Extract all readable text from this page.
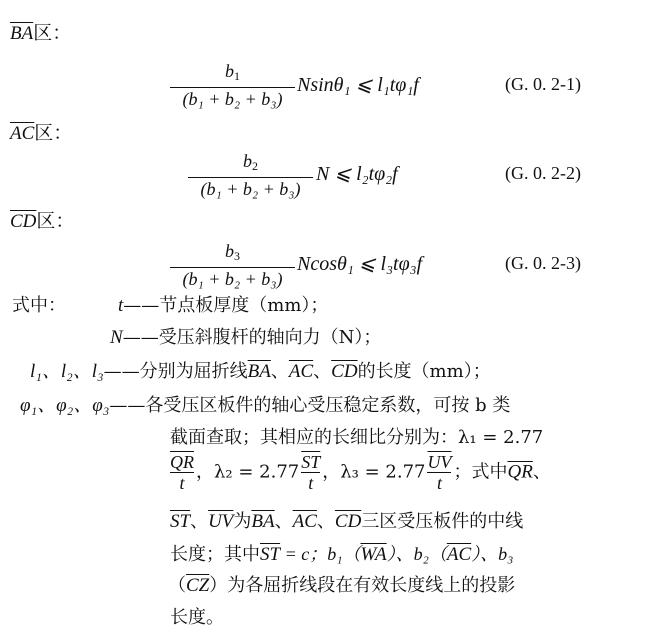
$\overline{BA}$区：
$b_1$
(b₁ + b₂ + b₃)
Nsinθ₁ ⩽ l₁tφ₁f	(G. 0. 2-1)
$\overline{AC}$区：
$b_2$
(b₁ + b₂ + b₃)
N ⩽ l₂tφ₂f	(G. 0. 2-2)
$\overline{CD}$区：
$b_3$
(b₁ + b₂ + b₃)
Ncosθ₁ ⩽ l₃tφ₃f	(G. 0. 2-3)
式中：	t——节点板厚度（mm）；
N——受压斜腹杆的轴向力（N）；
l₁、l₂、l₃——分别为屈折线$\overline{BA}$、$\overline{AC}$、$\overline{CD}$的长度（mm）；
φ₁、φ₂、φ₃——各受压区板件的轴心受压稳定系数，可按 b 类
截面查取；其相应的长细比分别为：λ₁ = 2.77
$\frac{\overline{QR}}{t}$ ，$\lambda_2 = 2.77 \frac{\overline{ST}}{t}$ ，$\lambda_3 = 2.77 \frac{\overline{UV}}{t}$ ；式中$\overline{QR}$、
$\overline{ST}$、$\overline{UV}$为$\overline{BA}$、$\overline{AC}$、$\overline{CD}$三区受压板件的中线
长度；其中$\overline{ST} = c$；$b_1(\overline{WA})$、$b_2(\overline{AC})$、b₃
$(\overline{CZ})$为各屈折线段在有效长度线上的投影
长度。
